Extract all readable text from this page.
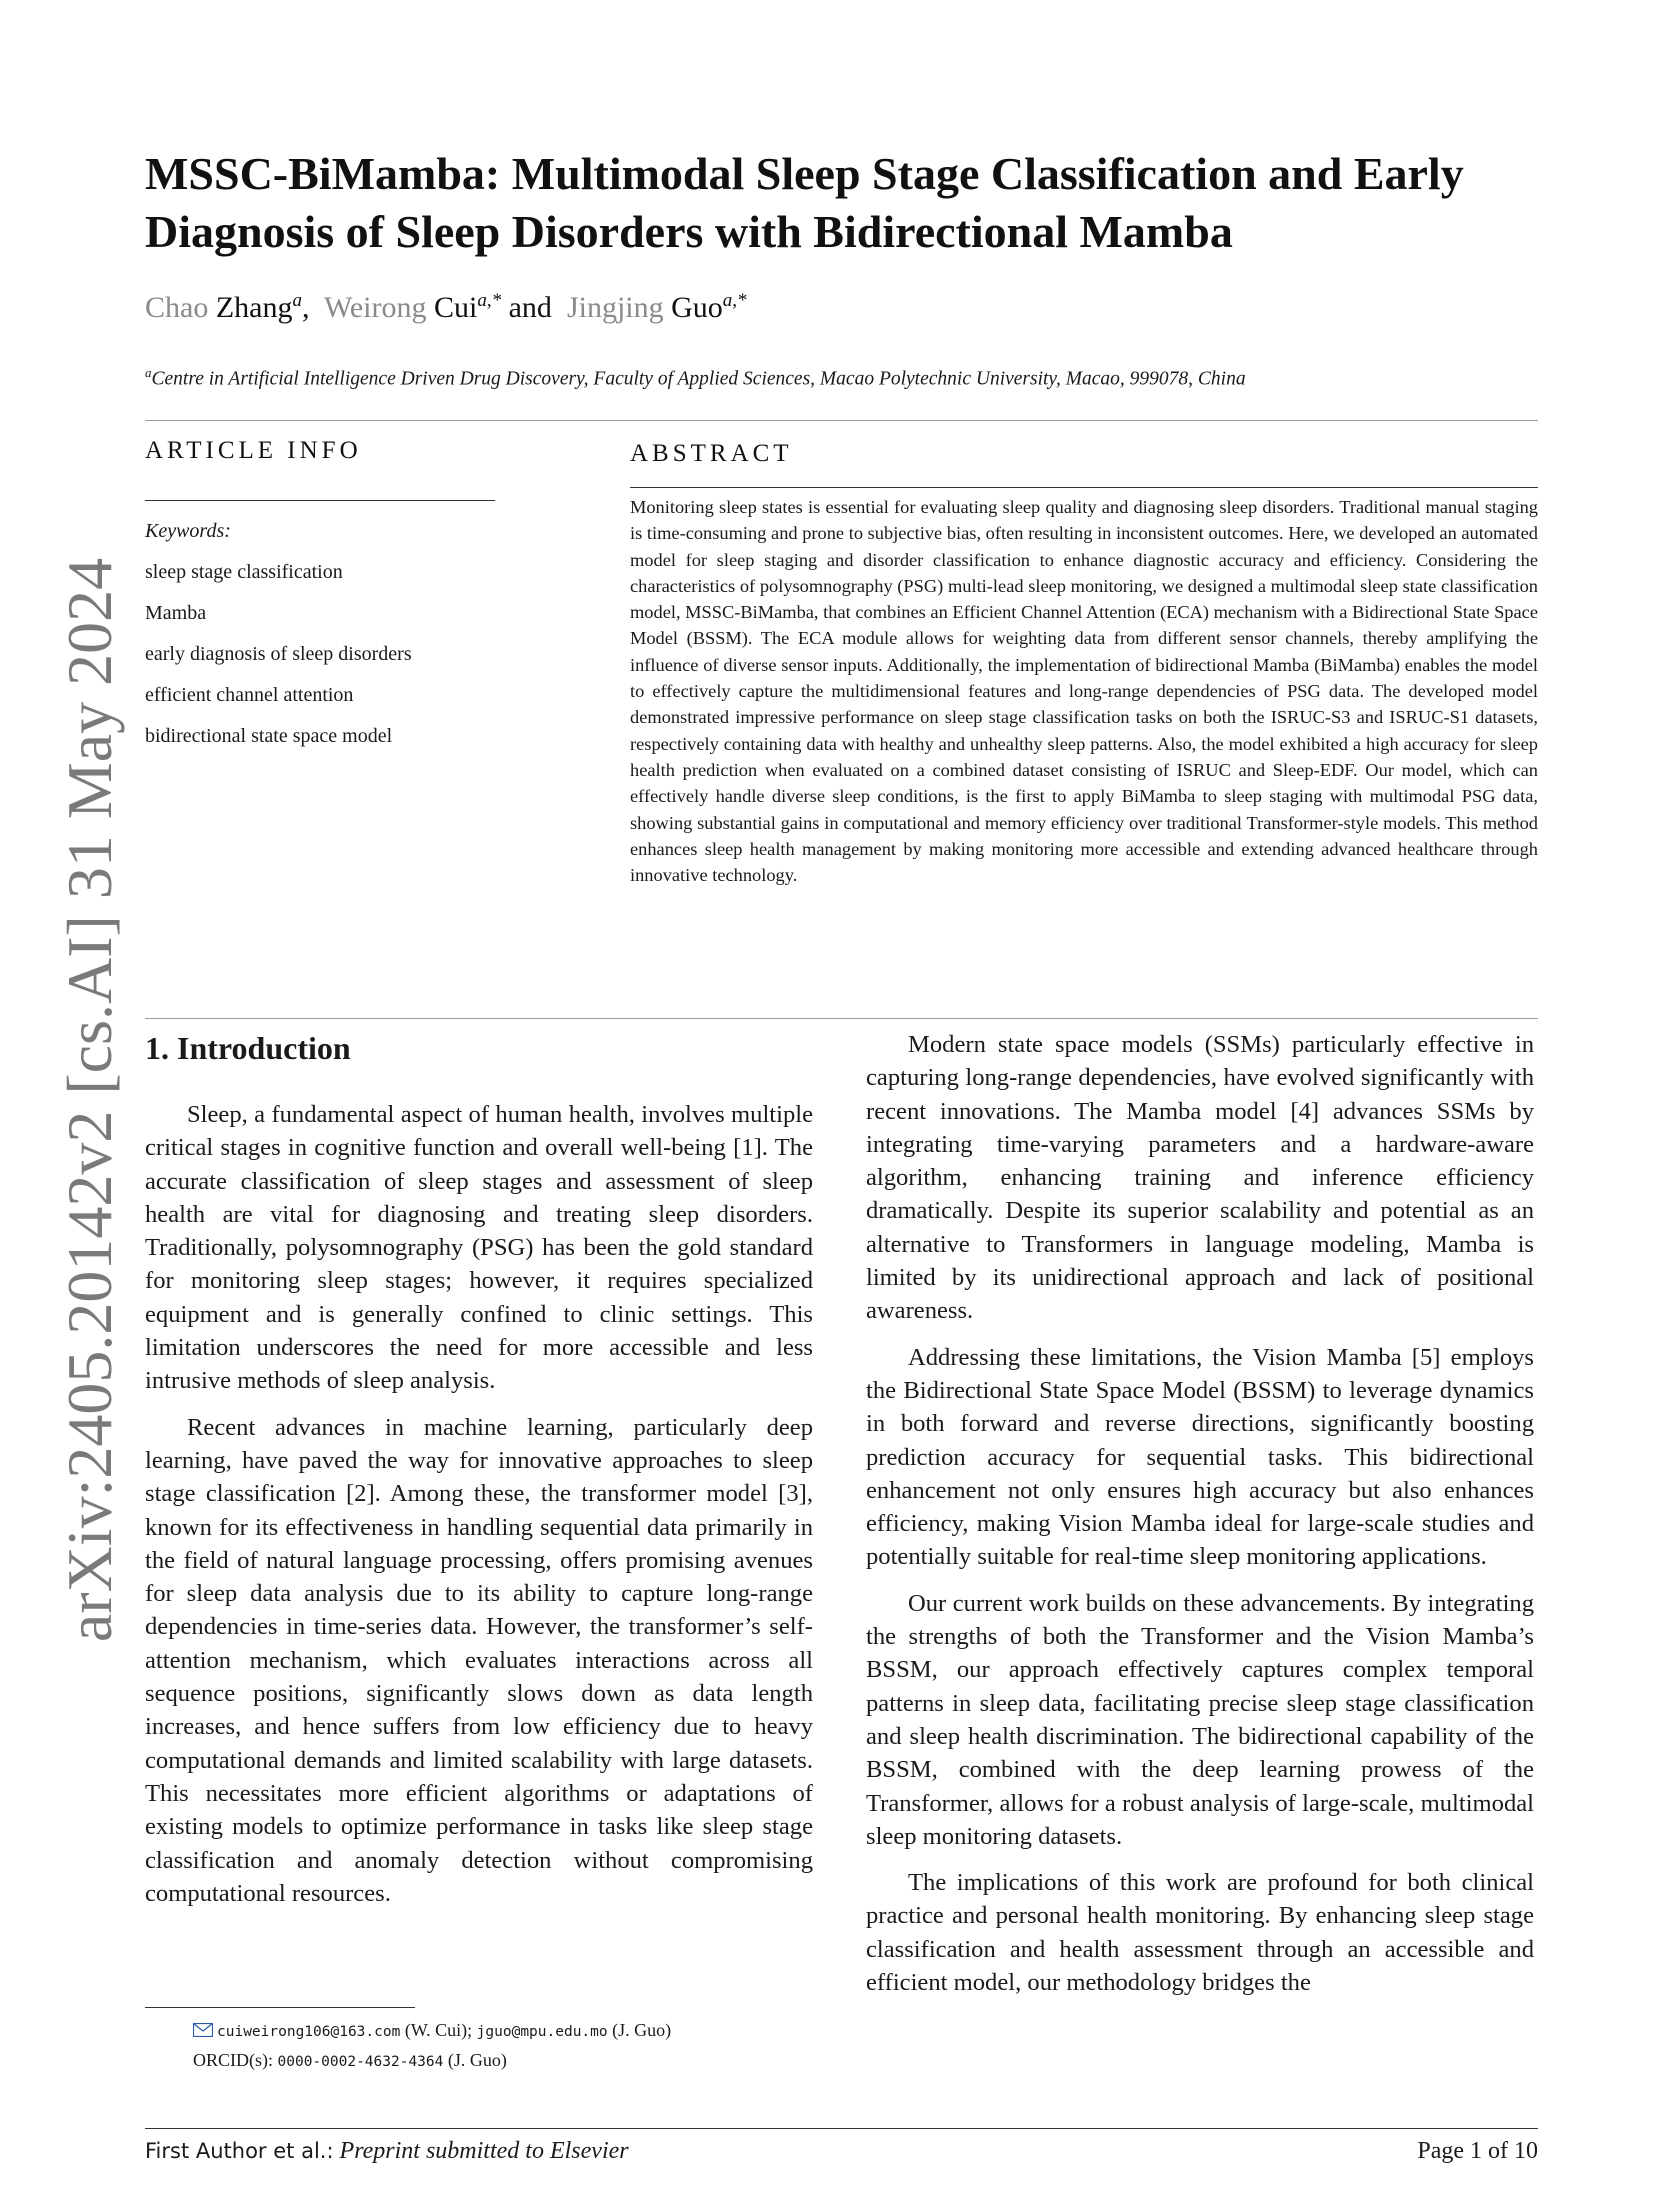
arXiv:2405.20142v2 [cs.AI] 31 May 2024
MSSC-BiMamba: Multimodal Sleep Stage Classification and Early Diagnosis of Sleep Disorders with Bidirectional Mamba
Chao Zhang$^a$, Weirong Cui$^{a,*}$ and Jingjing Guo$^{a,*}$
$^a$Centre in Artificial Intelligence Driven Drug Discovery, Faculty of Applied Sciences, Macao Polytechnic University, Macao, 999078, China
ARTICLE INFO	ABSTRACT
Keywords:
sleep stage classification
Mamba
early diagnosis of sleep disorders
efficient channel attention
bidirectional state space model

Monitoring sleep states is essential for evaluating sleep quality and diagnosing sleep disorders. Traditional manual staging is time-consuming and prone to subjective bias, often resulting in inconsistent outcomes. Here, we developed an automated model for sleep staging and disorder classification to enhance diagnostic accuracy and efficiency. Considering the characteristics of polysomnography (PSG) multi-lead sleep monitoring, we designed a multimodal sleep state classification model, MSSC-BiMamba, that combines an Efficient Channel Attention (ECA) mechanism with a Bidirectional State Space Model (BSSM). The ECA module allows for weighting data from different sensor channels, thereby amplifying the influence of diverse sensor inputs. Additionally, the implementation of bidirectional Mamba (BiMamba) enables the model to effectively capture the multidimensional features and long-range dependencies of PSG data. The developed model demonstrated impressive performance on sleep stage classification tasks on both the ISRUC-S3 and ISRUC-S1 datasets, respectively containing data with healthy and unhealthy sleep patterns. Also, the model exhibited a high accuracy for sleep health prediction when evaluated on a combined dataset consisting of ISRUC and Sleep-EDF. Our model, which can effectively handle diverse sleep conditions, is the first to apply BiMamba to sleep staging with multimodal PSG data, showing substantial gains in computational and memory efficiency over traditional Transformer-style models. This method enhances sleep health management by making monitoring more accessible and extending advanced healthcare through innovative technology.

1. Introduction

Sleep, a fundamental aspect of human health, involves multiple critical stages in cognitive function and overall well-being [1]. The accurate classification of sleep stages and assessment of sleep health are vital for diagnosing and treating sleep disorders. Traditionally, polysomnography (PSG) has been the gold standard for monitoring sleep stages; however, it requires specialized equipment and is generally confined to clinic settings. This limitation underscores the need for more accessible and less intrusive methods of sleep analysis.

Recent advances in machine learning, particularly deep learning, have paved the way for innovative approaches to sleep stage classification [2]. Among these, the transformer model [3], known for its effectiveness in handling sequential data primarily in the field of natural language processing, offers promising avenues for sleep data analysis due to its ability to capture long-range dependencies in time-series data. However, the transformer’s self-attention mechanism, which evaluates interactions across all sequence positions, significantly slows down as data length increases, and hence suffers from low efficiency due to heavy computational demands and limited scalability with large datasets. This necessitates more efficient algorithms or adaptations of existing models to optimize performance in tasks like sleep stage classification and anomaly detection without compromising computational resources.

Modern state space models (SSMs) particularly effective in capturing long-range dependencies, have evolved significantly with recent innovations. The Mamba model [4] advances SSMs by integrating time-varying parameters and a hardware-aware algorithm, enhancing training and inference efficiency dramatically. Despite its superior scalability and potential as an alternative to Transformers in language modeling, Mamba is limited by its unidirectional approach and lack of positional awareness.

Addressing these limitations, the Vision Mamba [5] employs the Bidirectional State Space Model (BSSM) to leverage dynamics in both forward and reverse directions, significantly boosting prediction accuracy for sequential tasks. This bidirectional enhancement not only ensures high accuracy but also enhances efficiency, making Vision Mamba ideal for large-scale studies and potentially suitable for real-time sleep monitoring applications.

Our current work builds on these advancements. By integrating the strengths of both the Transformer and the Vision Mamba’s BSSM, our approach effectively captures complex temporal patterns in sleep data, facilitating precise sleep stage classification and sleep health discrimination. The bidirectional capability of the BSSM, combined with the deep learning prowess of the Transformer, allows for a robust analysis of large-scale, multimodal sleep monitoring datasets.

The implications of this work are profound for both clinical practice and personal health monitoring. By enhancing sleep stage classification and health assessment through an accessible and efficient model, our methodology bridges the

cuiweirong106@163.com (W. Cui); jguo@mpu.edu.mo (J. Guo)
ORCID(s): 0000-0002-4632-4364 (J. Guo)
First Author et al.: Preprint submitted to Elsevier	Page 1 of 10
